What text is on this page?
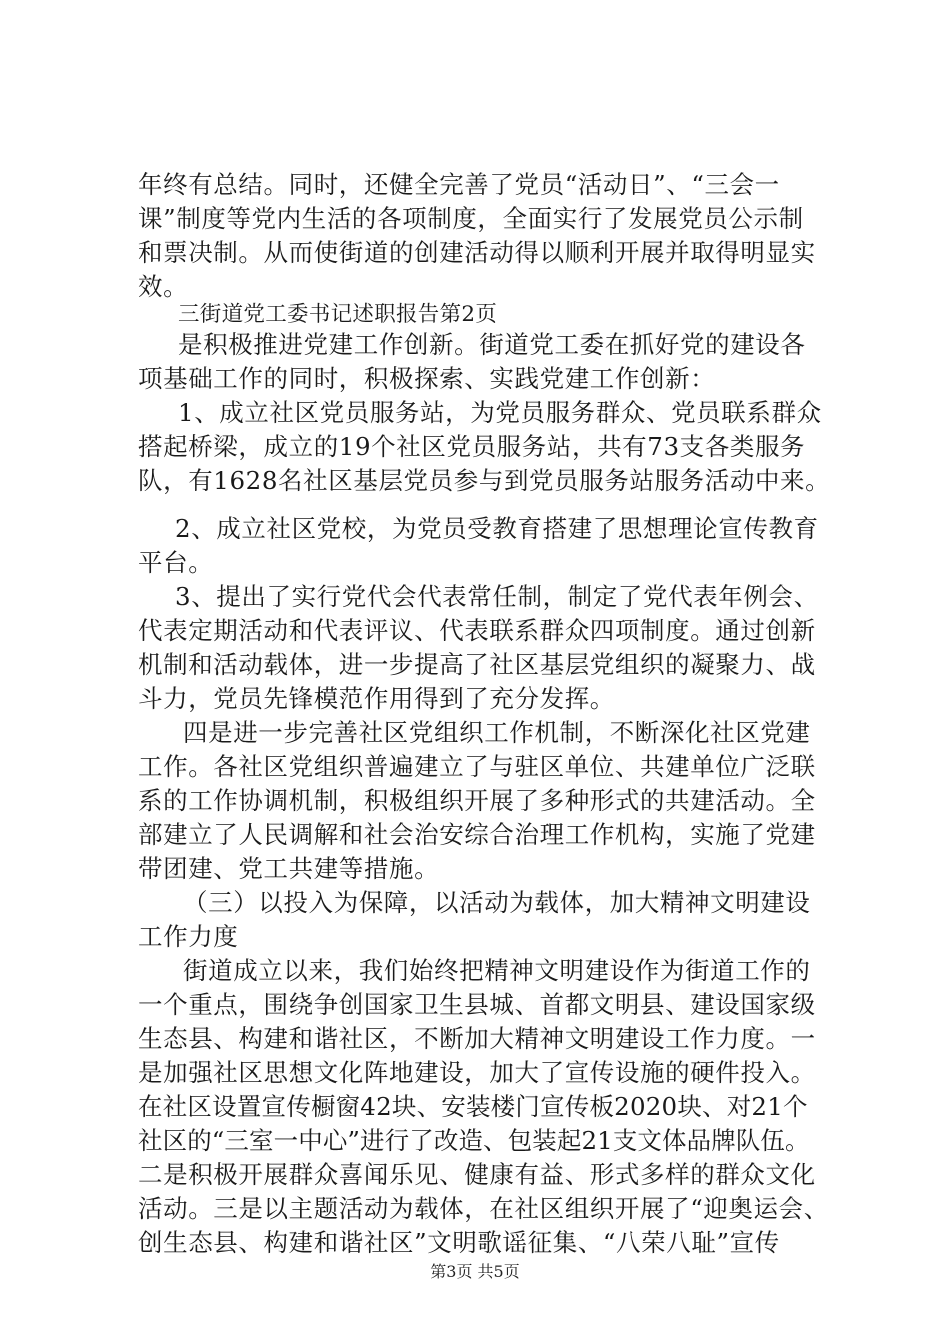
年终有总结。同时，还健全完善了党员“活动日”、“三会一
课”制度等党内生活的各项制度，全面实行了发展党员公示制
和票决制。从而使街道的创建活动得以顺利开展并取得明显实
效。
三街道党工委书记述职报告第2页
是积极推进党建工作创新。街道党工委在抓好党的建设各
项基础工作的同时，积极探索、实践党建工作创新：
1、成立社区党员服务站，为党员服务群众、党员联系群众
搭起桥梁，成立的19个社区党员服务站，共有73支各类服务
队，有1628名社区基层党员参与到党员服务站服务活动中来。
2、成立社区党校，为党员受教育搭建了思想理论宣传教育
平台。
3、提出了实行党代会代表常任制，制定了党代表年例会、
代表定期活动和代表评议、代表联系群众四项制度。通过创新
机制和活动载体，进一步提高了社区基层党组织的凝聚力、战
斗力，党员先锋模范作用得到了充分发挥。
四是进一步完善社区党组织工作机制，不断深化社区党建
工作。各社区党组织普遍建立了与驻区单位、共建单位广泛联
系的工作协调机制，积极组织开展了多种形式的共建活动。全
部建立了人民调解和社会治安综合治理工作机构，实施了党建
带团建、党工共建等措施。
（三）以投入为保障，以活动为载体，加大精神文明建设
工作力度
街道成立以来，我们始终把精神文明建设作为街道工作的
一个重点，围绕争创国家卫生县城、首都文明县、建设国家级
生态县、构建和谐社区，不断加大精神文明建设工作力度。一
是加强社区思想文化阵地建设，加大了宣传设施的硬件投入。
在社区设置宣传橱窗42块、安装楼门宣传板2020块、对21个
社区的“三室一中心”进行了改造、包装起21支文体品牌队伍。
二是积极开展群众喜闻乐见、健康有益、形式多样的群众文化
活动。三是以主题活动为载体，在社区组织开展了“迎奥运会、
创生态县、构建和谐社区”文明歌谣征集、“八荣八耻”宣传
第3页 共5页
